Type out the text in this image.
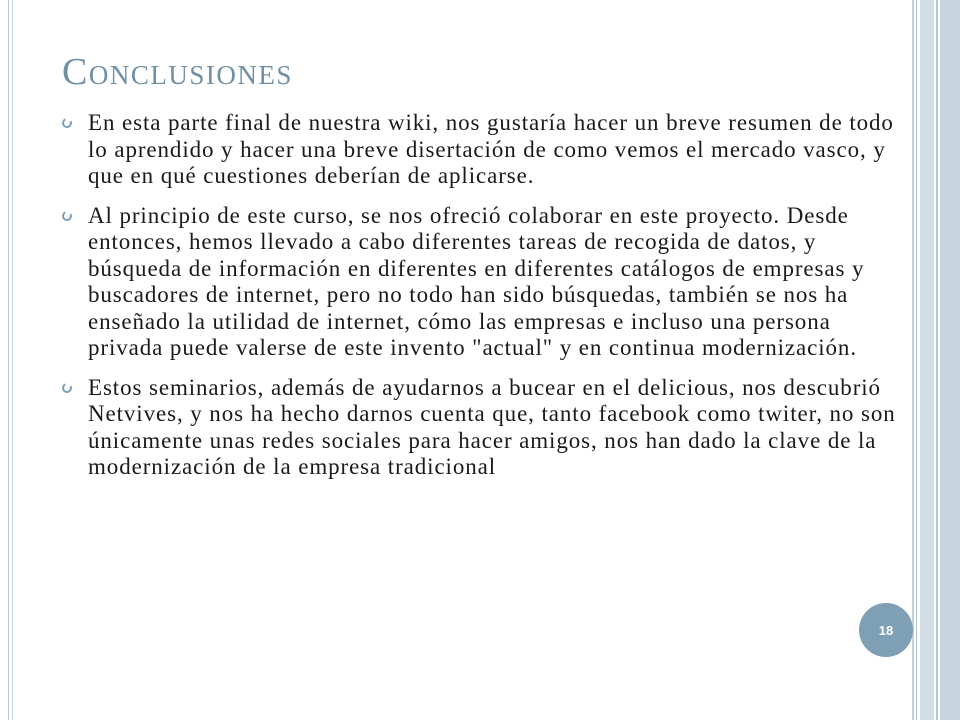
Conclusiones
En esta parte final de nuestra wiki, nos gustaría hacer un breve resumen de todo lo aprendido y hacer una breve disertación de como vemos el mercado vasco, y que en qué cuestiones deberían de aplicarse.
Al principio de este curso, se nos ofreció colaborar en este proyecto. Desde entonces, hemos llevado a cabo diferentes tareas de recogida de datos, y búsqueda de información en diferentes en diferentes catálogos de empresas y buscadores de internet, pero no todo han sido búsquedas, también se nos ha enseñado la utilidad de internet, cómo las empresas e incluso una persona privada puede valerse de este invento "actual" y en continua modernización.
Estos seminarios, además de ayudarnos a bucear en el delicious, nos descubrió Netvives, y nos ha hecho darnos cuenta que, tanto facebook como twiter, no son únicamente unas redes sociales para hacer amigos, nos han dado la clave de la modernización de la empresa tradicional
18
